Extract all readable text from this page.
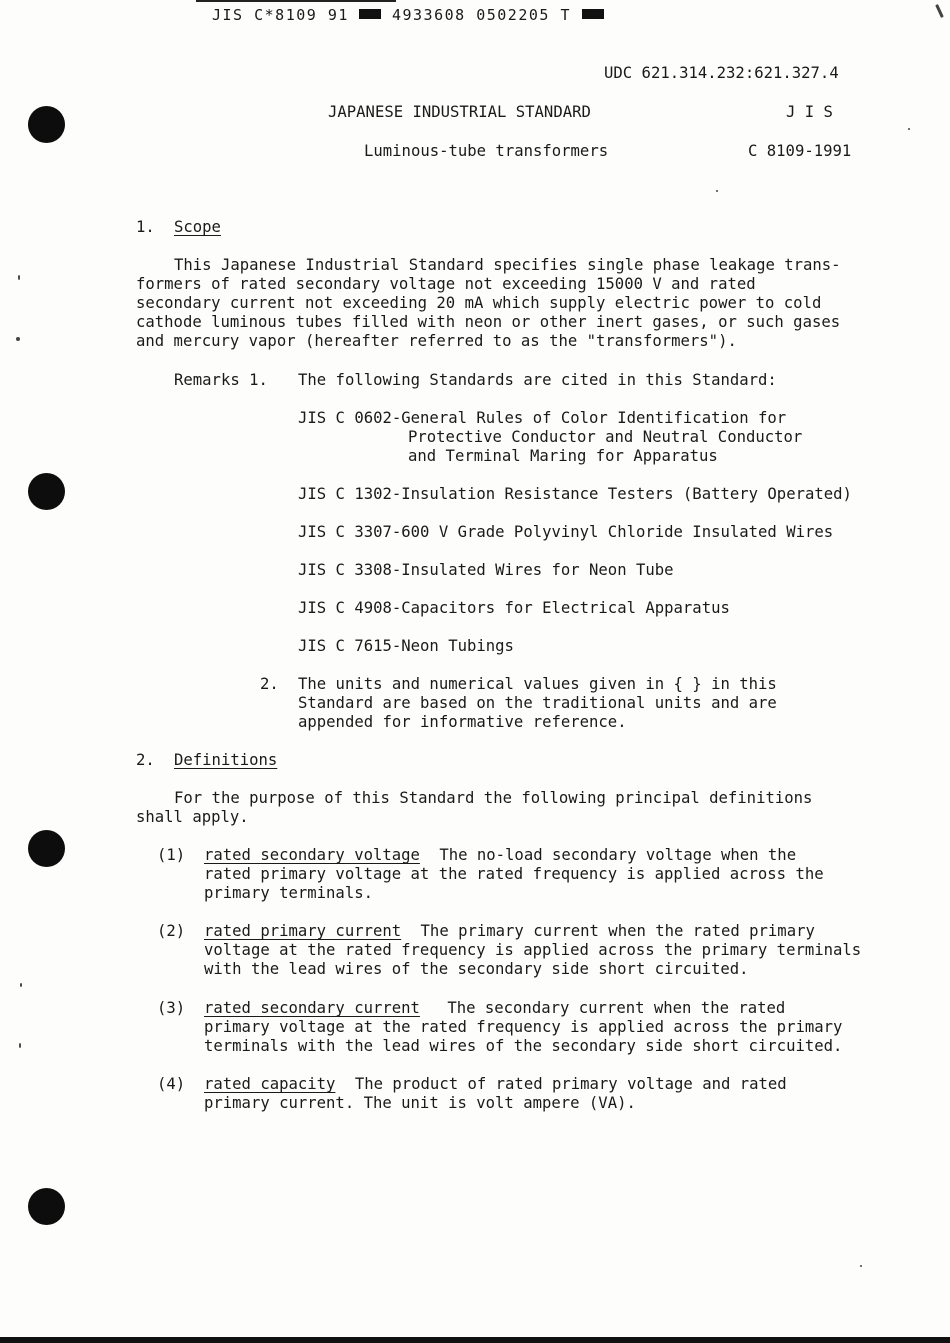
JIS C*8109 91	4933608 0502205 T
UDC 621.314.232:621.327.4
JAPANESE INDUSTRIAL STANDARD	J I S
Luminous-tube transformers	C 8109-1991
1. Scope
This Japanese Industrial Standard specifies single phase leakage trans-
formers of rated secondary voltage not exceeding 15000 V and rated
secondary current not exceeding 20 mA which supply electric power to cold
cathode luminous tubes filled with neon or other inert gases, or such gases
and mercury vapor (hereafter referred to as the "transformers").
Remarks 1. The following Standards are cited in this Standard:
JIS C 0602-General Rules of Color Identification for
Protective Conductor and Neutral Conductor
and Terminal Maring for Apparatus
JIS C 1302-Insulation Resistance Testers (Battery Operated)
JIS C 3307-600 V Grade Polyvinyl Chloride Insulated Wires
JIS C 3308-Insulated Wires for Neon Tube
JIS C 4908-Capacitors for Electrical Apparatus
JIS C 7615-Neon Tubings
2. The units and numerical values given in { } in this
Standard are based on the traditional units and are
appended for informative reference.
2. Definitions
For the purpose of this Standard the following principal definitions
shall apply.
(1) rated secondary voltage The no-load secondary voltage when the
rated primary voltage at the rated frequency is applied across the
primary terminals.
(2) rated primary current The primary current when the rated primary
voltage at the rated frequency is applied across the primary terminals
with the lead wires of the secondary side short circuited.
(3) rated secondary current The secondary current when the rated
primary voltage at the rated frequency is applied across the primary
terminals with the lead wires of the secondary side short circuited.
(4) rated capacity The product of rated primary voltage and rated
primary current. The unit is volt ampere (VA).
